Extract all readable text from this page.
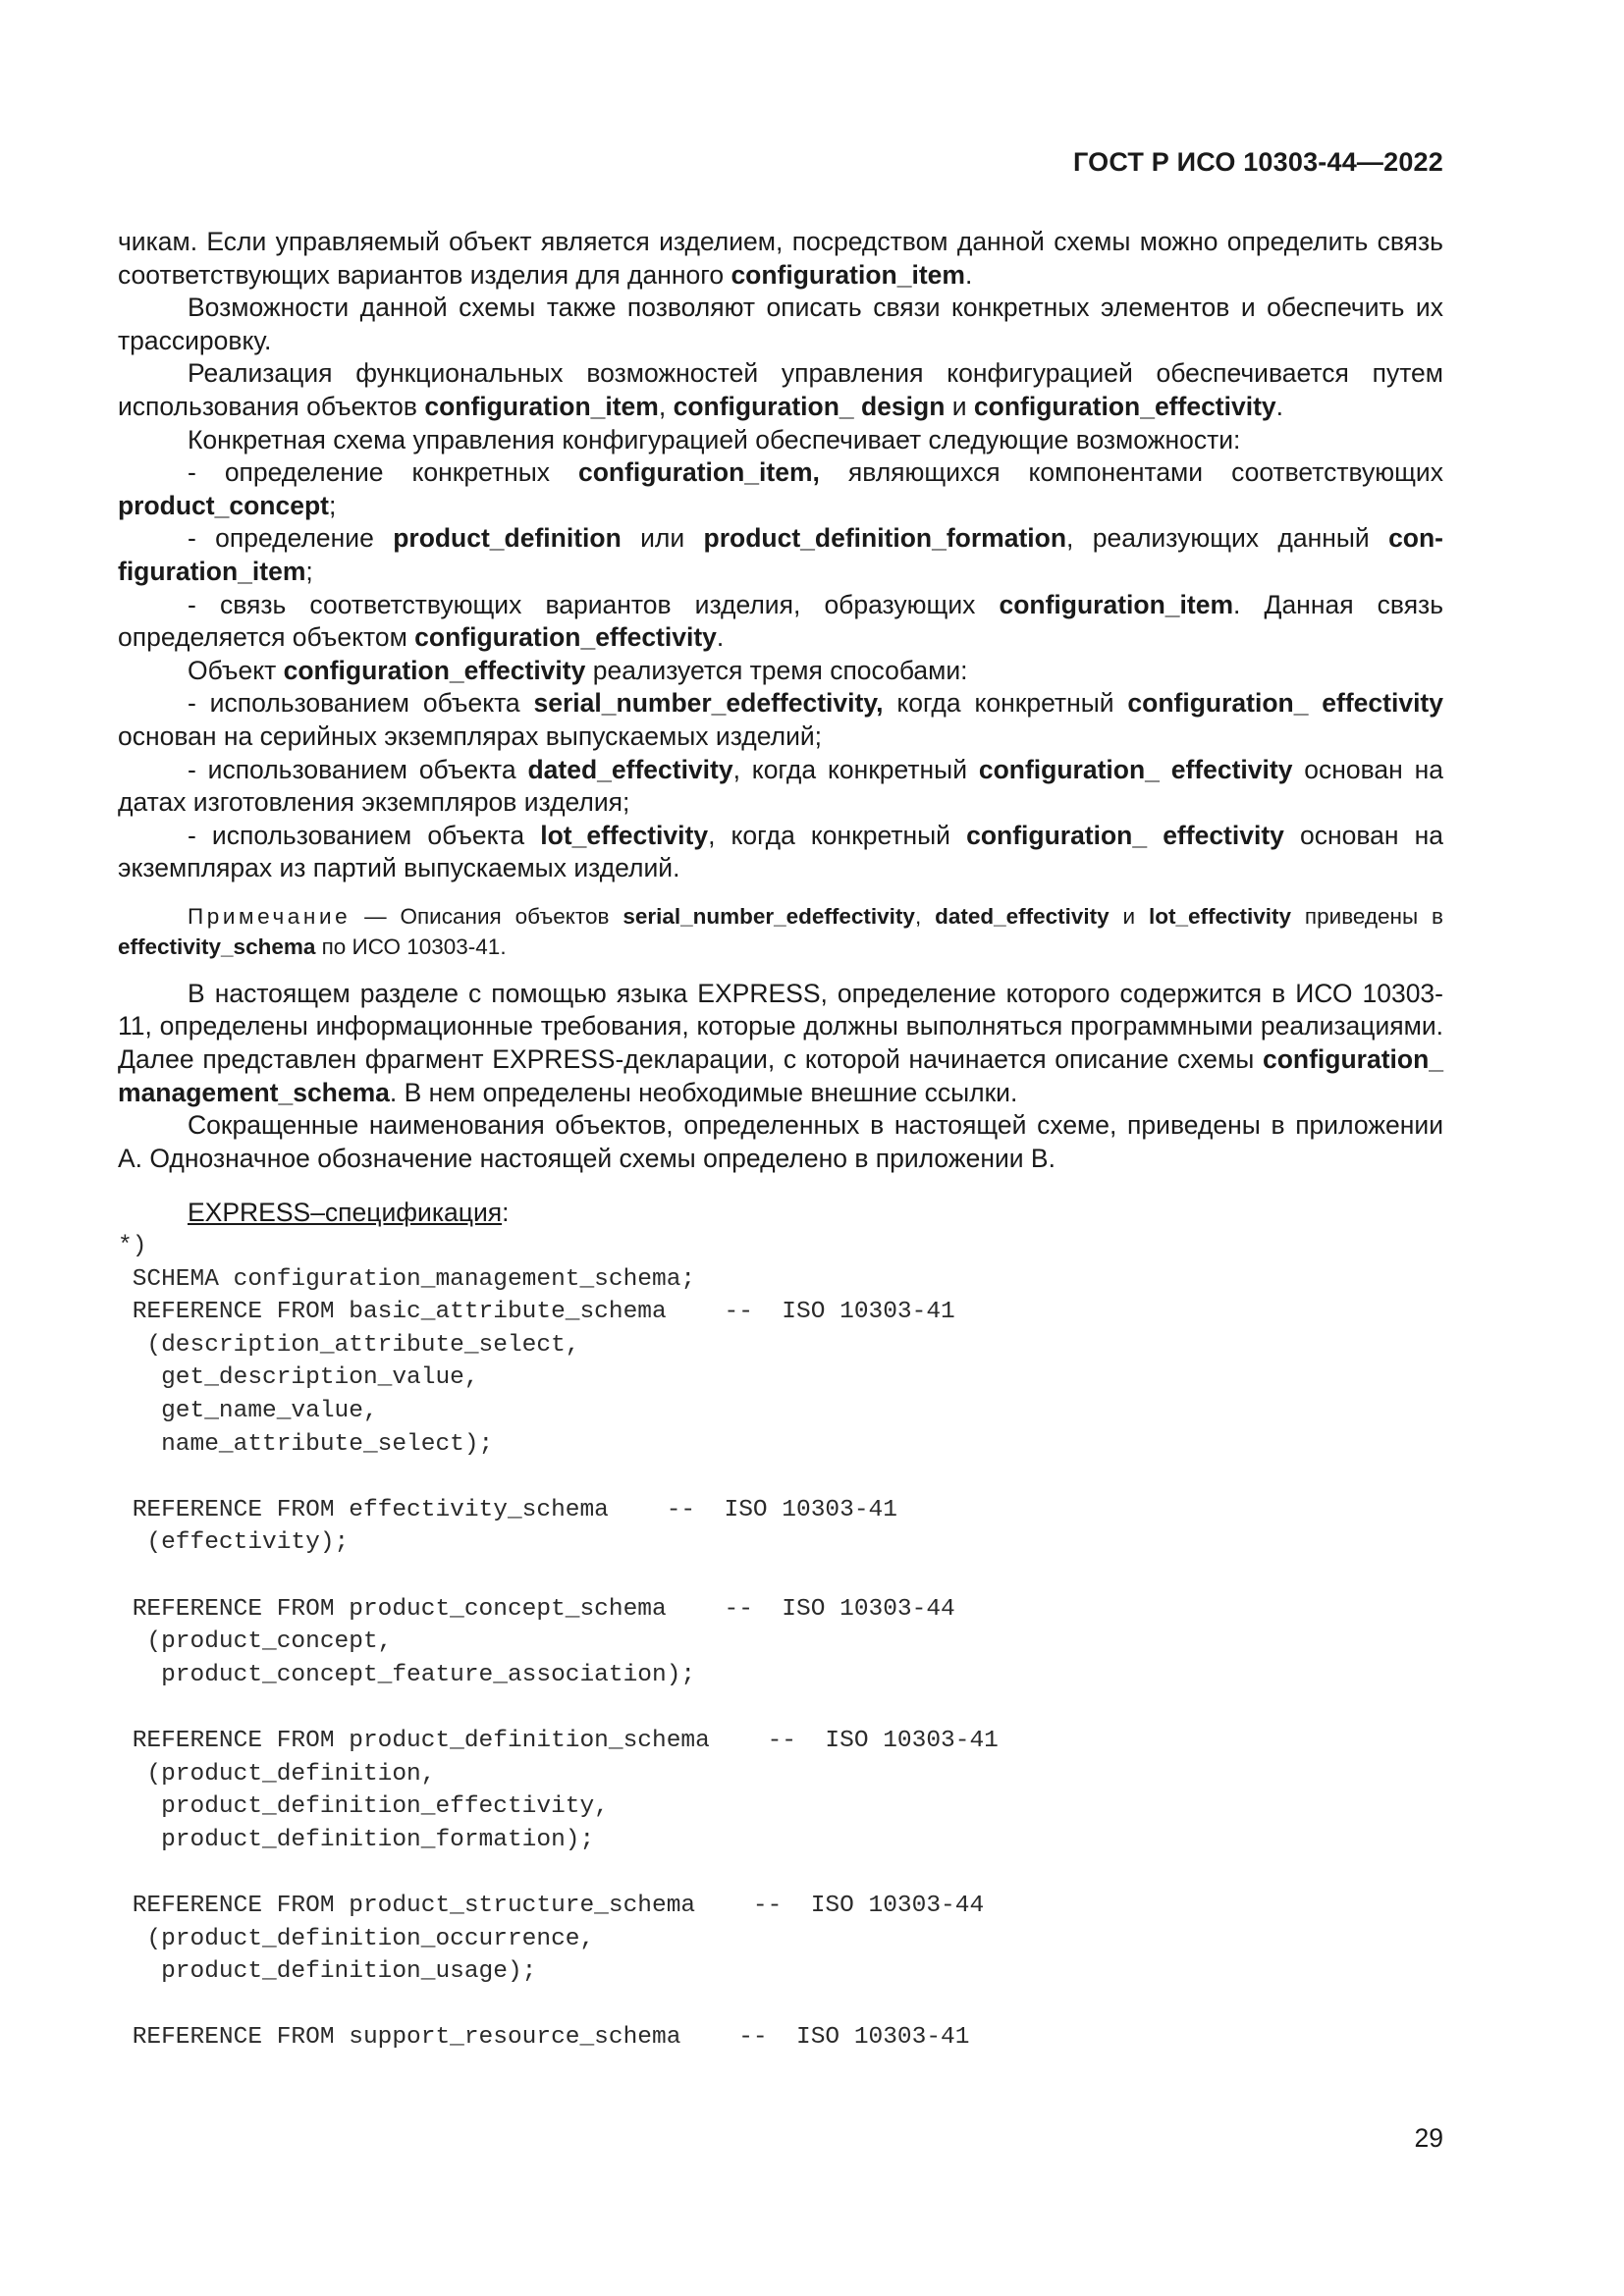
ГОСТ Р ИСО 10303-44—2022

чикам. Если управляемый объект является изделием, посредством данной схемы можно определить связь соответствующих вариантов изделия для данного configuration_item.

Возможности данной схемы также позволяют описать связи конкретных элементов и обеспечить их трассировку.

Реализация функциональных возможностей управления конфигурацией обеспечивается путем использования объектов configuration_item, configuration_ design и configuration_effectivity.

Конкретная схема управления конфигурацией обеспечивает следующие возможности:

- определение конкретных configuration_item, являющихся компонентами соответствующих product_concept;

- определение product_definition или product_definition_formation, реализующих данный con-figuration_item;

- связь соответствующих вариантов изделия, образующих configuration_item. Данная связь определяется объектом configuration_effectivity.

Объект configuration_effectivity реализуется тремя способами:

- использованием объекта serial_number_edeffectivity, когда конкретный configuration_ effectivity основан на серийных экземплярах выпускаемых изделий;

- использованием объекта dated_effectivity, когда конкретный configuration_ effectivity основан на датах изготовления экземпляров изделия;

- использованием объекта lot_effectivity, когда конкретный configuration_ effectivity основан на экземплярах из партий выпускаемых изделий.

Примечание — Описания объектов serial_number_edeffectivity, dated_effectivity и lot_effectivity приведены в effectivity_schema по ИСО 10303-41.

В настоящем разделе с помощью языка EXPRESS, определение которого содержится в ИСО 10303-11, определены информационные требования, которые должны выполняться программными реализациями. Далее представлен фрагмент EXPRESS-декларации, с которой начинается описание схемы configuration_ management_schema. В нем определены необходимые внешние ссылки.

Сокращенные наименования объектов, определенных в настоящей схеме, приведены в приложении А. Однозначное обозначение настоящей схемы определено в приложении В.

EXPRESS–спецификация:
*)
SCHEMA configuration_management_schema;
REFERENCE FROM basic_attribute_schema    --  ISO 10303-41
(description_attribute_select,
get_description_value,
get_name_value,
name_attribute_select);

REFERENCE FROM effectivity_schema    --  ISO 10303-41
(effectivity);

REFERENCE FROM product_concept_schema    --  ISO 10303-44
(product_concept,
product_concept_feature_association);

REFERENCE FROM product_definition_schema    --  ISO 10303-41
(product_definition,
product_definition_effectivity,
product_definition_formation);

REFERENCE FROM product_structure_schema    --  ISO 10303-44
(product_definition_occurrence,
product_definition_usage);

REFERENCE FROM support_resource_schema    --  ISO 10303-41
29
